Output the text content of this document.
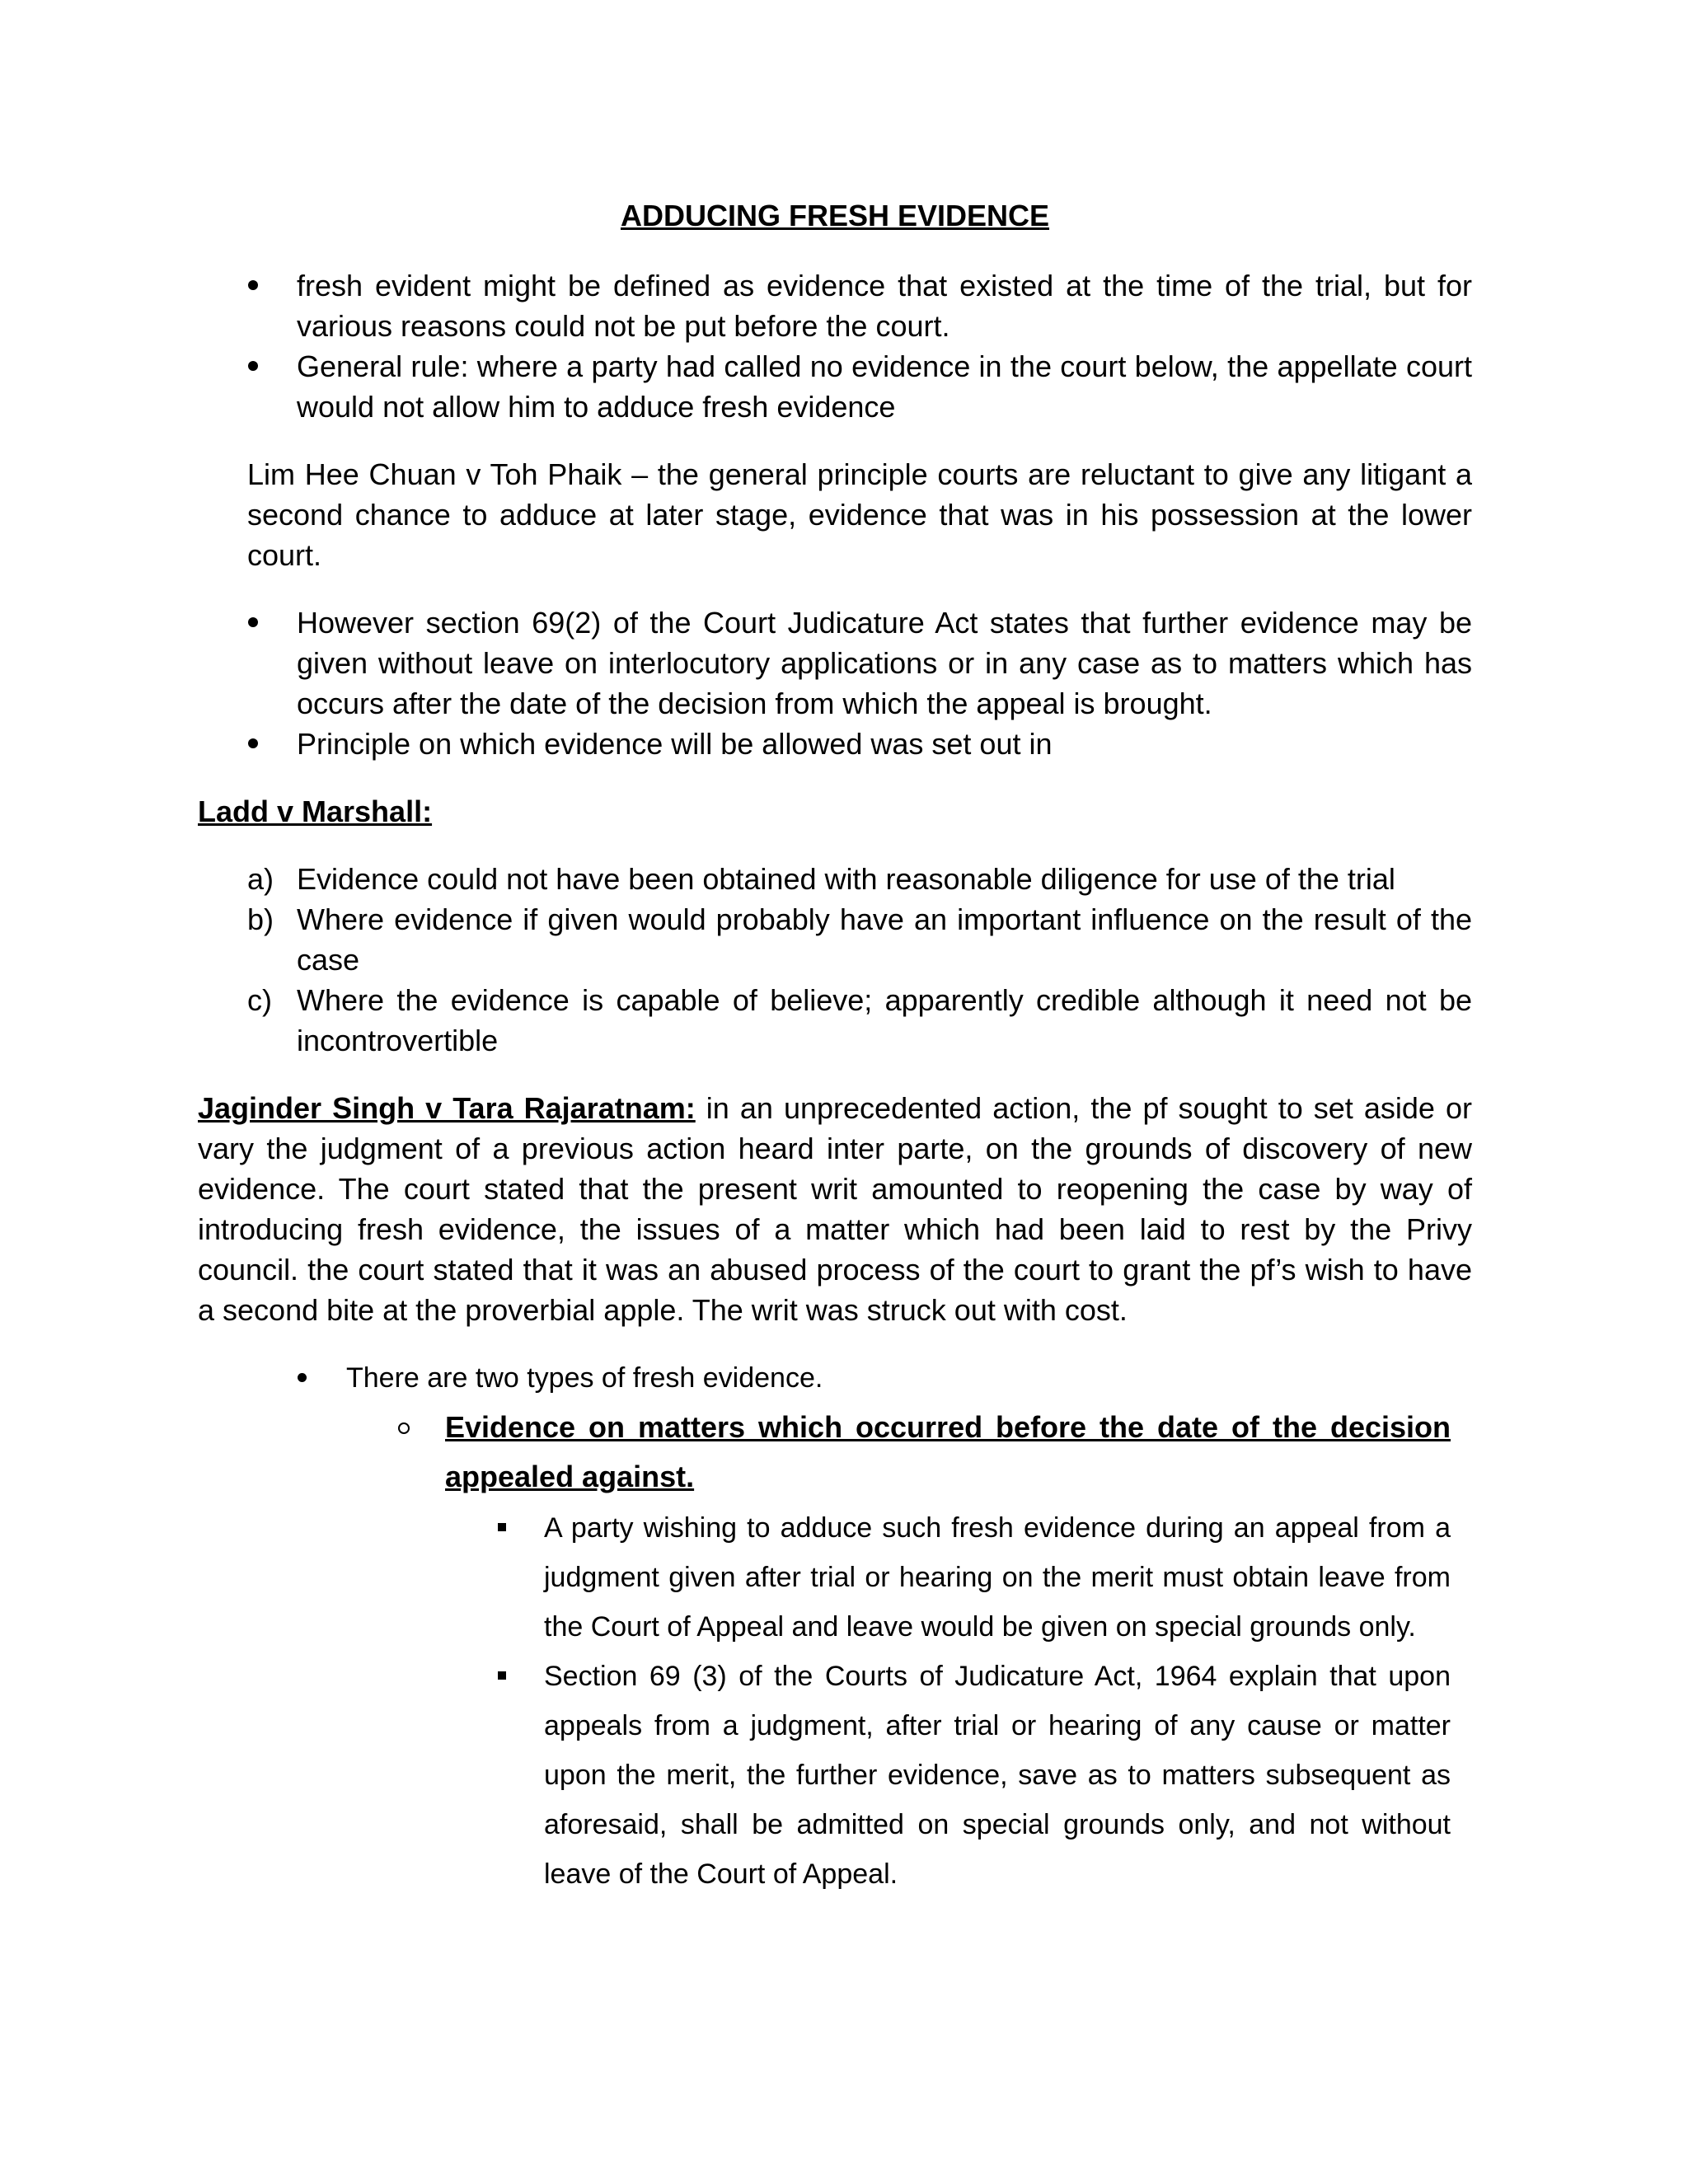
ADDUCING FRESH EVIDENCE
fresh evident might be defined as evidence that existed at the time of the trial, but for various reasons could not be put before the court.
General rule: where a party had called no evidence in the court below, the appellate court would not allow him to adduce fresh evidence

Lim Hee Chuan v Toh Phaik – the general principle courts are reluctant to give any litigant a second chance to adduce at later stage, evidence that was in his possession at the lower court.

However section 69(2) of the Court Judicature Act states that further evidence may be given without leave on interlocutory applications or in any case as to matters which has occurs after the date of the decision from which the appeal is brought.
Principle on which evidence will be allowed was set out in

Ladd v Marshall:

a) Evidence could not have been obtained with reasonable diligence for use of the trial
b) Where evidence if given would probably have an important influence on the result of the case
c) Where the evidence is capable of believe; apparently credible although it need not be incontrovertible

Jaginder Singh v Tara Rajaratnam: in an unprecedented action, the pf sought to set aside or vary the judgment of a previous action heard inter parte, on the grounds of discovery of new evidence. The court stated that the present writ amounted to reopening the case by way of introducing fresh evidence, the issues of a matter which had been laid to rest by the Privy council. the court stated that it was an abused process of the court to grant the pf’s wish to have a second bite at the proverbial apple. The writ was struck out with cost.

There are two types of fresh evidence.
Evidence on matters which occurred before the date of the decision appealed against.
A party wishing to adduce such fresh evidence during an appeal from a judgment given after trial or hearing on the merit must obtain leave from the Court of Appeal and leave would be given on special grounds only.
Section 69 (3) of the Courts of Judicature Act, 1964 explain that upon appeals from a judgment, after trial or hearing of any cause or matter upon the merit, the further evidence, save as to matters subsequent as aforesaid, shall be admitted on special grounds only, and not without leave of the Court of Appeal.
